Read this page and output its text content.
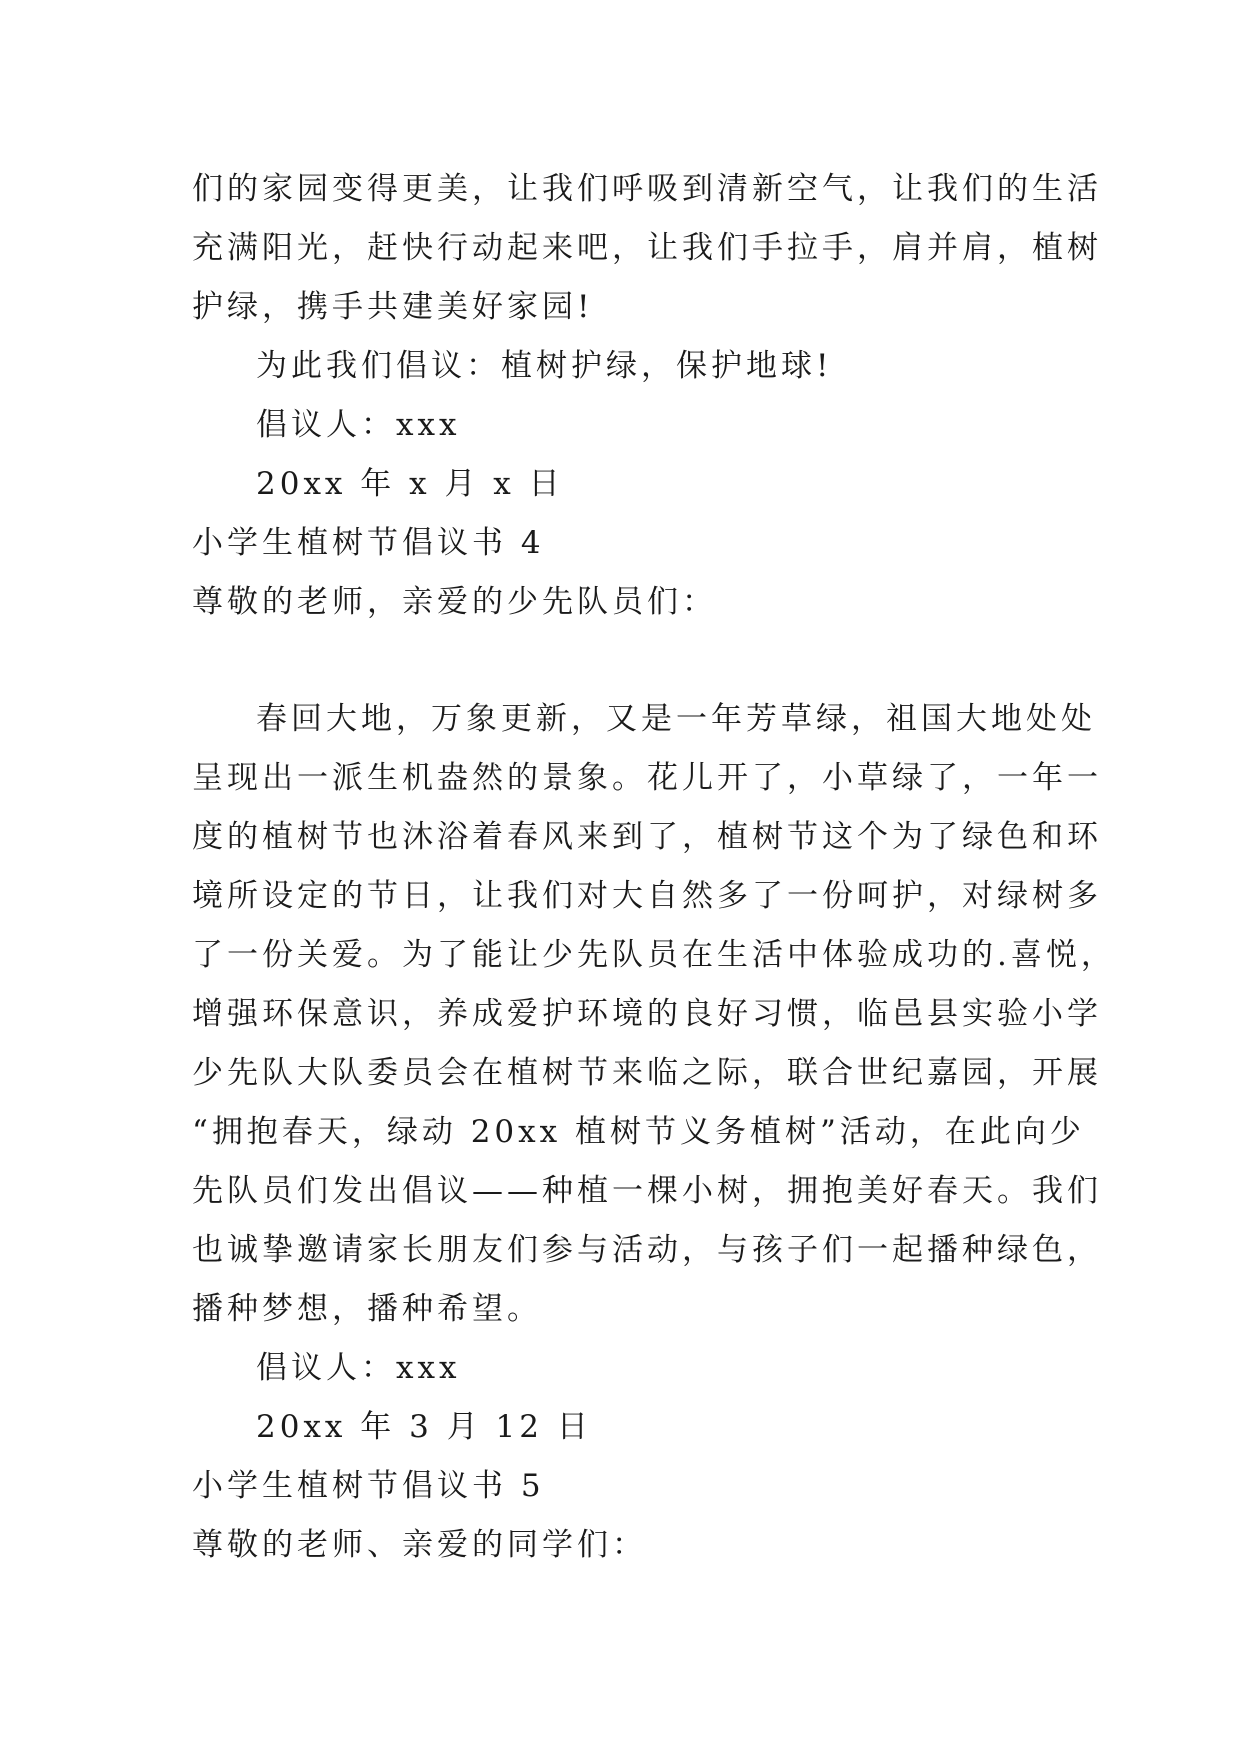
们的家园变得更美，让我们呼吸到清新空气，让我们的生活
充满阳光，赶快行动起来吧，让我们手拉手，肩并肩，植树
护绿，携手共建美好家园!
为此我们倡议：植树护绿，保护地球!
倡议人：xxx
20xx 年 x 月 x 日
小学生植树节倡议书 4
尊敬的老师，亲爱的少先队员们：
春回大地，万象更新，又是一年芳草绿，祖国大地处处
呈现出一派生机盎然的景象。花儿开了，小草绿了，一年一
度的植树节也沐浴着春风来到了，植树节这个为了绿色和环
境所设定的节日，让我们对大自然多了一份呵护，对绿树多
了一份关爱。为了能让少先队员在生活中体验成功的.喜悦，
增强环保意识，养成爱护环境的良好习惯，临邑县实验小学
少先队大队委员会在植树节来临之际，联合世纪嘉园，开展
“拥抱春天，绿动 20xx 植树节义务植树”活动，在此向少
先队员们发出倡议——种植一棵小树，拥抱美好春天。我们
也诚挚邀请家长朋友们参与活动，与孩子们一起播种绿色，
播种梦想，播种希望。
倡议人：xxx
20xx 年 3 月 12 日
小学生植树节倡议书 5
尊敬的老师、亲爱的同学们：
